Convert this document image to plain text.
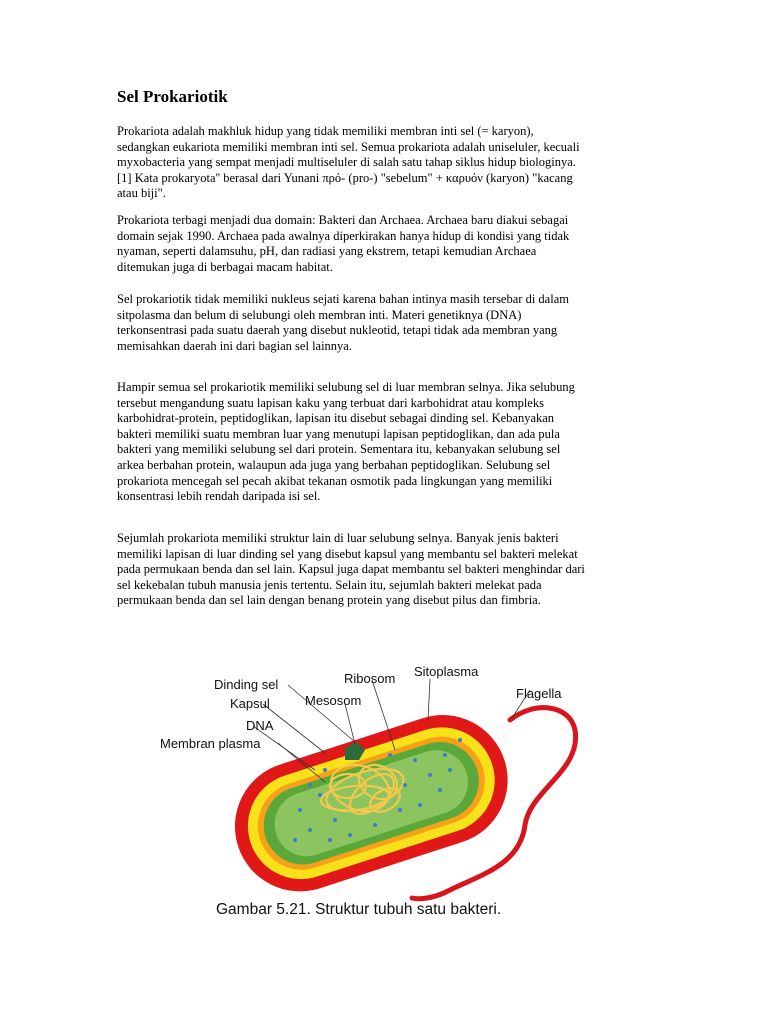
Sel Prokariotik

Prokariota adalah makhluk hidup yang tidak memiliki membran inti sel (= karyon),
sedangkan eukariota memiliki membran inti sel. Semua prokariota adalah uniseluler, kecuali
myxobacteria yang sempat menjadi multiseluler di salah satu tahap siklus hidup biologinya.
[1] Kata prokaryota'' berasal dari Yunani πρό- (pro-) "sebelum" + καρυόν (karyon) "kacang
atau biji".

Prokariota terbagi menjadi dua domain: Bakteri dan Archaea. Archaea baru diakui sebagai
domain sejak 1990. Archaea pada awalnya diperkirakan hanya hidup di kondisi yang tidak
nyaman, seperti dalamsuhu, pH, dan radiasi yang ekstrem, tetapi kemudian Archaea
ditemukan juga di berbagai macam habitat.

Sel prokariotik tidak memiliki nukleus sejati karena bahan intinya masih tersebar di dalam
sitpolasma dan belum di selubungi oleh membran inti. Materi genetiknya (DNA)
terkonsentrasi pada suatu daerah yang disebut nukleotid, tetapi tidak ada membran yang
memisahkan daerah ini dari bagian sel lainnya.

Hampir semua sel prokariotik memiliki selubung sel di luar membran selnya. Jika selubung
tersebut mengandung suatu lapisan kaku yang terbuat dari karbohidrat atau kompleks
karbohidrat-protein, peptidoglikan, lapisan itu disebut sebagai dinding sel. Kebanyakan
bakteri memiliki suatu membran luar yang menutupi lapisan peptidoglikan, dan ada pula
bakteri yang memiliki selubung sel dari protein. Sementara itu, kebanyakan selubung sel
arkea berbahan protein, walaupun ada juga yang berbahan peptidoglikan. Selubung sel
prokariota mencegah sel pecah akibat tekanan osmotik pada lingkungan yang memiliki
konsentrasi lebih rendah daripada isi sel.

Sejumlah prokariota memiliki struktur lain di luar selubung selnya. Banyak jenis bakteri
memiliki lapisan di luar dinding sel yang disebut kapsul yang membantu sel bakteri melekat
pada permukaan benda dan sel lain. Kapsul juga dapat membantu sel bakteri menghindar dari
sel kekebalan tubuh manusia jenis tertentu. Selain itu, sejumlah bakteri melekat pada
permukaan benda dan sel lain dengan benang protein yang disebut pilus dan fimbria.

Dinding sel
Kapsul
DNA
Membran plasma
Mesosom
Ribosom Sitoplasma
Flagella
Gambar 5.21. Struktur tubuh satu bakteri.
